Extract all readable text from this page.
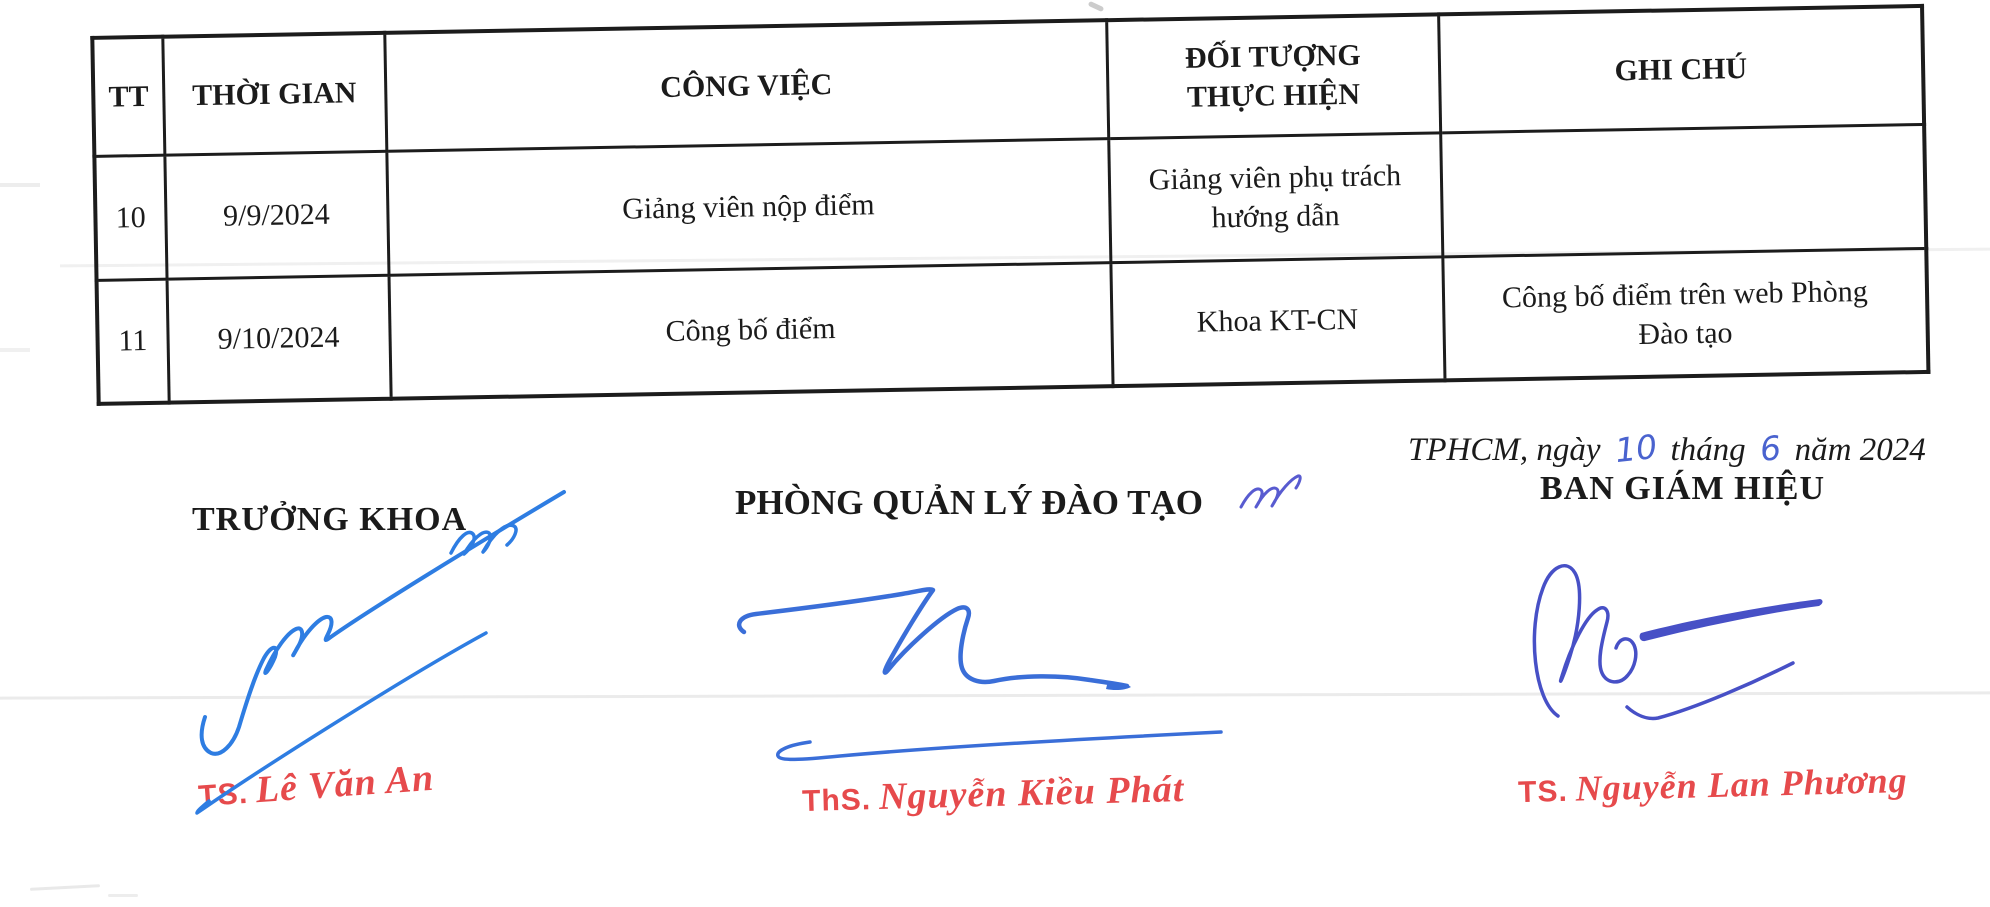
TT	THỜI GIAN	CÔNG VIỆC	ĐỐI TƯỢNG THỰC HIỆN	GHI CHÚ
10	9/9/2024	Giảng viên nộp điểm	Giảng viên phụ trách hướng dẫn	
11	9/10/2024	Công bố điểm	Khoa KT-CN	Công bố điểm trên web Phòng Đào tạo
TPHCM, ngày 10 tháng 6 năm 2024
TRƯỞNG KHOA	PHÒNG QUẢN LÝ ĐÀO TẠO	BAN GIÁM HIỆU
TS. Lê Văn An	ThS. Nguyễn Kiều Phát	TS. Nguyễn Lan Phương
